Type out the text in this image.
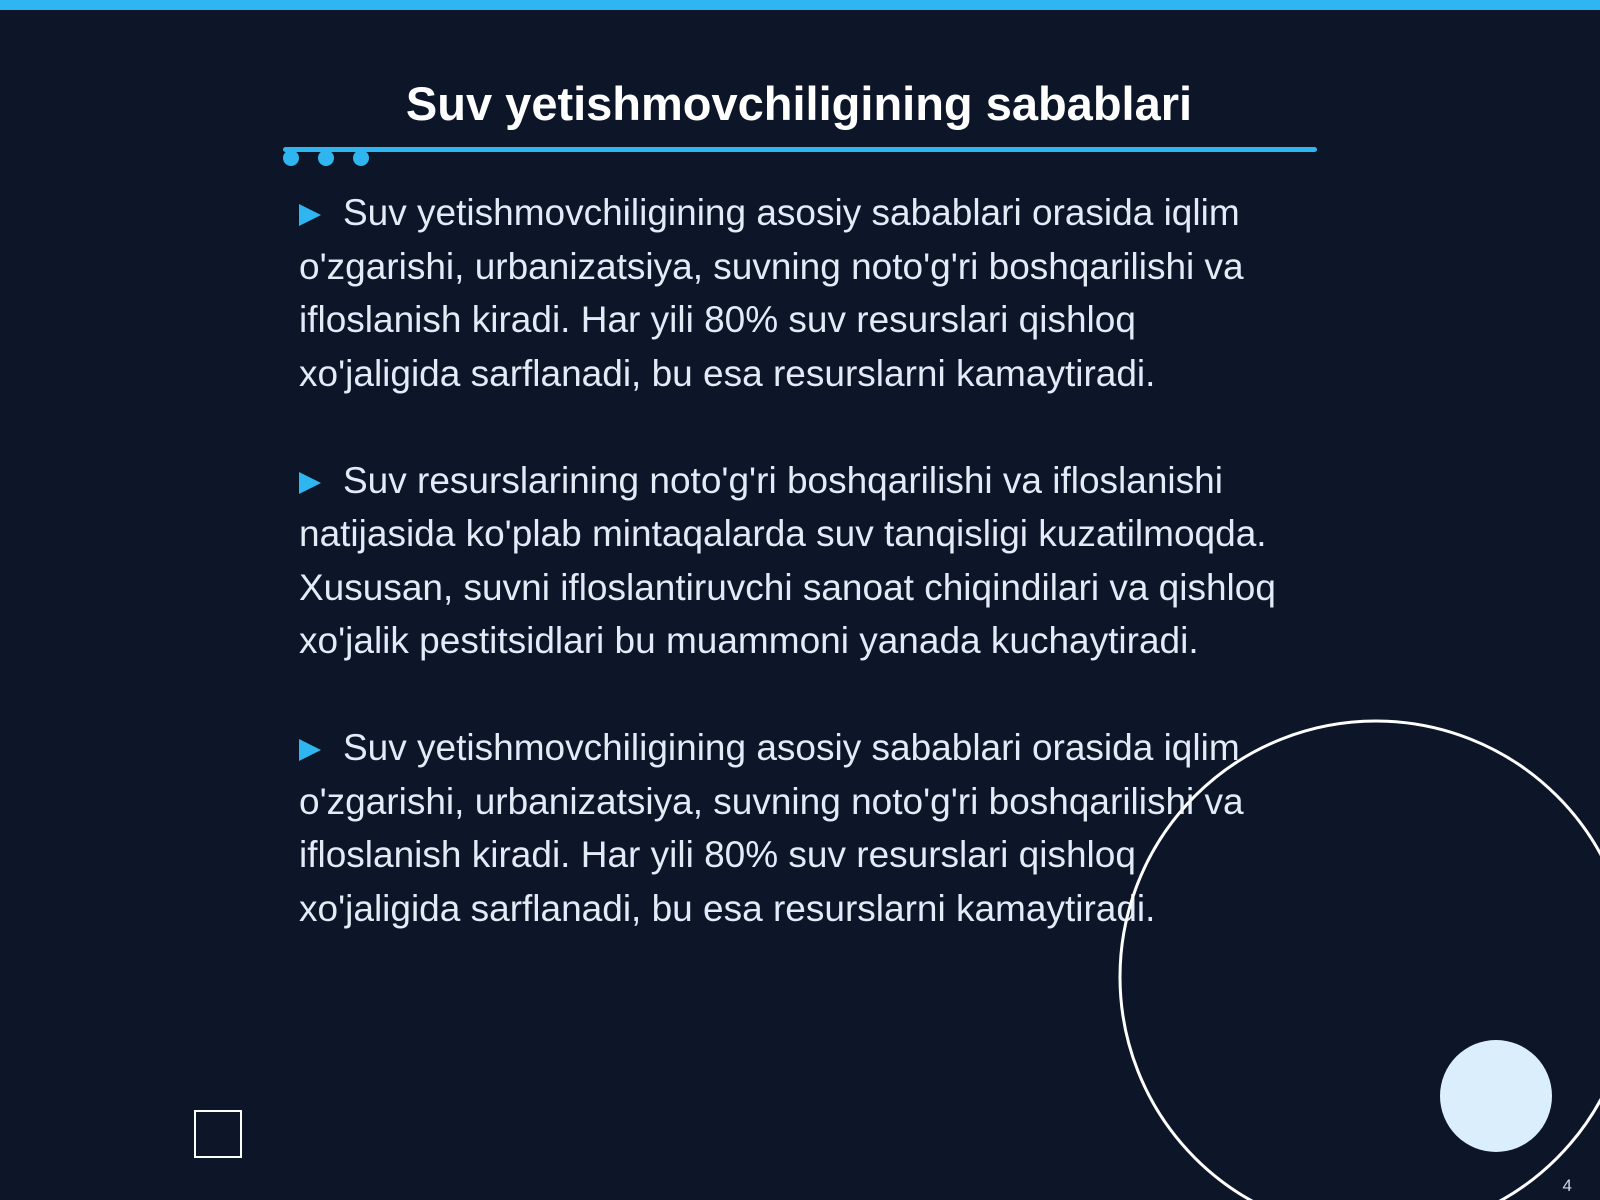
Suv yetishmovchiligining sabablari

Suv yetishmovchiligining asosiy sabablari orasida iqlim o'zgarishi, urbanizatsiya, suvning noto'g'ri boshqarilishi va ifloslanish kiradi. Har yili 80% suv resurslari qishloq xo'jaligida sarflanadi, bu esa resurslarni kamaytiradi.

Suv resurslarining noto'g'ri boshqarilishi va ifloslanishi natijasida ko'plab mintaqalarda suv tanqisligi kuzatilmoqda. Xususan, suvni ifloslantiruvchi sanoat chiqindilari va qishloq xo'jalik pestitsidlari bu muammoni yanada kuchaytiradi.

Suv yetishmovchiligining asosiy sabablari orasida iqlim o'zgarishi, urbanizatsiya, suvning noto'g'ri boshqarilishi va ifloslanish kiradi. Har yili 80% suv resurslari qishloq xo'jaligida sarflanadi, bu esa resurslarni kamaytiradi.

4
